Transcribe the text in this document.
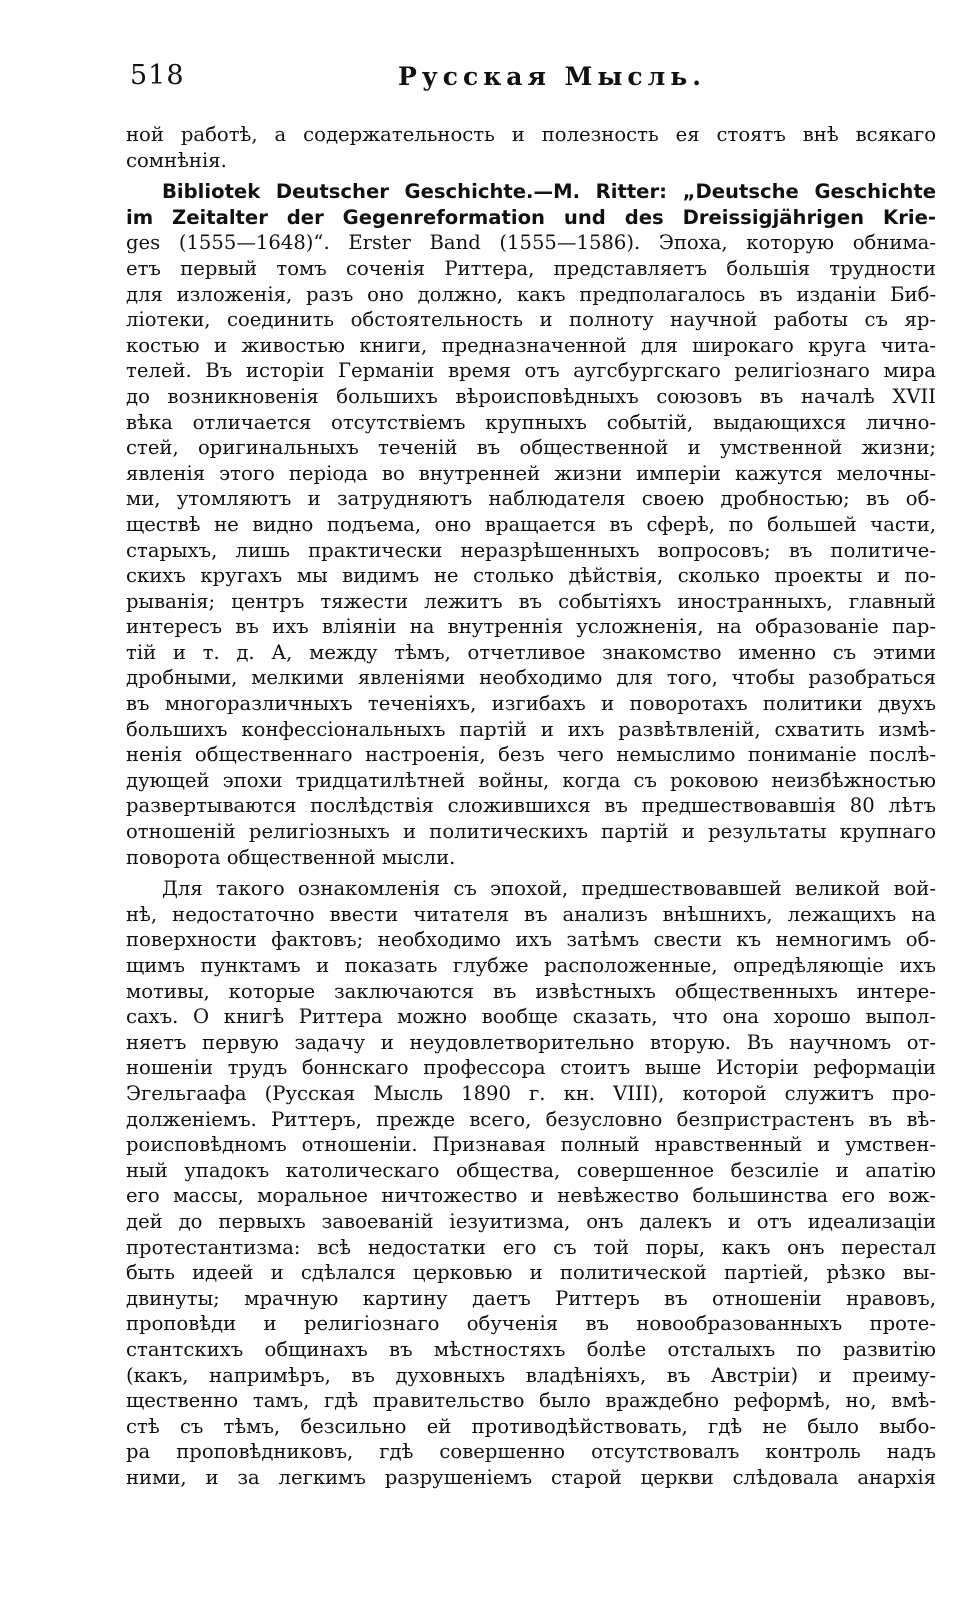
518	Русская Мысль.
ной работѣ, а содержательность и полезность ея стоятъ внѣ всякаго
сомнѣнія.
Bibliotek Deutscher Geschichte.—M. Ritter: „Deutsche Geschichte
im Zeitalter der Gegenreformation und des Dreissigjährigen Krie-
ges (1555—1648)“. Erster Band (1555—1586). Эпоха, которую обнима-
етъ первый томъ соченія Риттера, представляетъ большія трудности
для изложенія, разъ оно должно, какъ предполагалось въ изданіи Биб-
ліотеки, соединить обстоятельность и полноту научной работы съ яр-
костью и живостью книги, предназначенной для широкаго круга чита-
телей. Въ исторіи Германіи время отъ аугсбургскаго религіознаго мира
до возникновенія большихъ вѣроисповѣдныхъ союзовъ въ началѣ XVII
вѣка отличается отсутствіемъ крупныхъ событій, выдающихся лично-
стей, оригинальныхъ теченій въ общественной и умственной жизни;
явленія этого періода во внутренней жизни имперіи кажутся мелочны-
ми, утомляютъ и затрудняютъ наблюдателя своею дробностью; въ об-
ществѣ не видно подъема, оно вращается въ сферѣ, по большей части,
старыхъ, лишь практически неразрѣшенныхъ вопросовъ; въ политиче-
скихъ кругахъ мы видимъ не столько дѣйствія, сколько проекты и по-
рыванія; центръ тяжести лежитъ въ событіяхъ иностранныхъ, главный
интересъ въ ихъ вліяніи на внутреннія усложненія, на образованіе пар-
тій и т. д. А, между тѣмъ, отчетливое знакомство именно съ этими
дробными, мелкими явленіями необходимо для того, чтобы разобраться
въ многоразличныхъ теченіяхъ, изгибахъ и поворотахъ политики двухъ
большихъ конфессіональныхъ партій и ихъ развѣтвленій, схватить измѣ-
ненія общественнаго настроенія, безъ чего немыслимо пониманіе послѣ-
дующей эпохи тридцатилѣтней войны, когда съ роковою неизбѣжностью
развертываются послѣдствія сложившихся въ предшествовавшія 80 лѣтъ
отношеній религіозныхъ и политическихъ партій и результаты крупнаго
поворота общественной мысли.
Для такого ознакомленія съ эпохой, предшествовавшей великой вой-
нѣ, недостаточно ввести читателя въ анализъ внѣшнихъ, лежащихъ на
поверхности фактовъ; необходимо ихъ затѣмъ свести къ немногимъ об-
щимъ пунктамъ и показать глубже расположенные, опредѣляющіе ихъ
мотивы, которые заключаются въ извѣстныхъ общественныхъ интере-
сахъ. О книгѣ Риттера можно вообще сказать, что она хорошо выпол-
няетъ первую задачу и неудовлетворительно вторую. Въ научномъ от-
ношеніи трудъ боннскаго профессора стоитъ выше Исторіи реформаціи
Эгельгаафа (Русская Мысль 1890 г. кн. VIII), которой служитъ про-
долженіемъ. Риттеръ, прежде всего, безусловно безпристрастенъ въ вѣ-
роисповѣдномъ отношеніи. Признавая полный нравственный и умствен-
ный упадокъ католическаго общества, совершенное безсиліе и апатію
его массы, моральное ничтожество и невѣжество большинства его вож-
дей до первыхъ завоеваній іезуитизма, онъ далекъ и отъ идеализаціи
протестантизма: всѣ недостатки его съ той поры, какъ онъ перестал
быть идеей и сдѣлался церковью и политической партіей, рѣзко вы-
двинуты; мрачную картину даетъ Риттеръ въ отношеніи нравовъ,
проповѣди и религіознаго обученія въ новообразованныхъ проте-
стантскихъ общинахъ въ мѣстностяхъ болѣе отсталыхъ по развитію
(какъ, напримѣръ, въ духовныхъ владѣніяхъ, въ Австріи) и преиму-
щественно тамъ, гдѣ правительство было враждебно реформѣ, но, вмѣ-
стѣ съ тѣмъ, безсильно ей противодѣйствовать, гдѣ не было выбо-
ра проповѣдниковъ, гдѣ совершенно отсутствовалъ контроль надъ
ними, и за легкимъ разрушеніемъ старой церкви слѣдовала анархія
